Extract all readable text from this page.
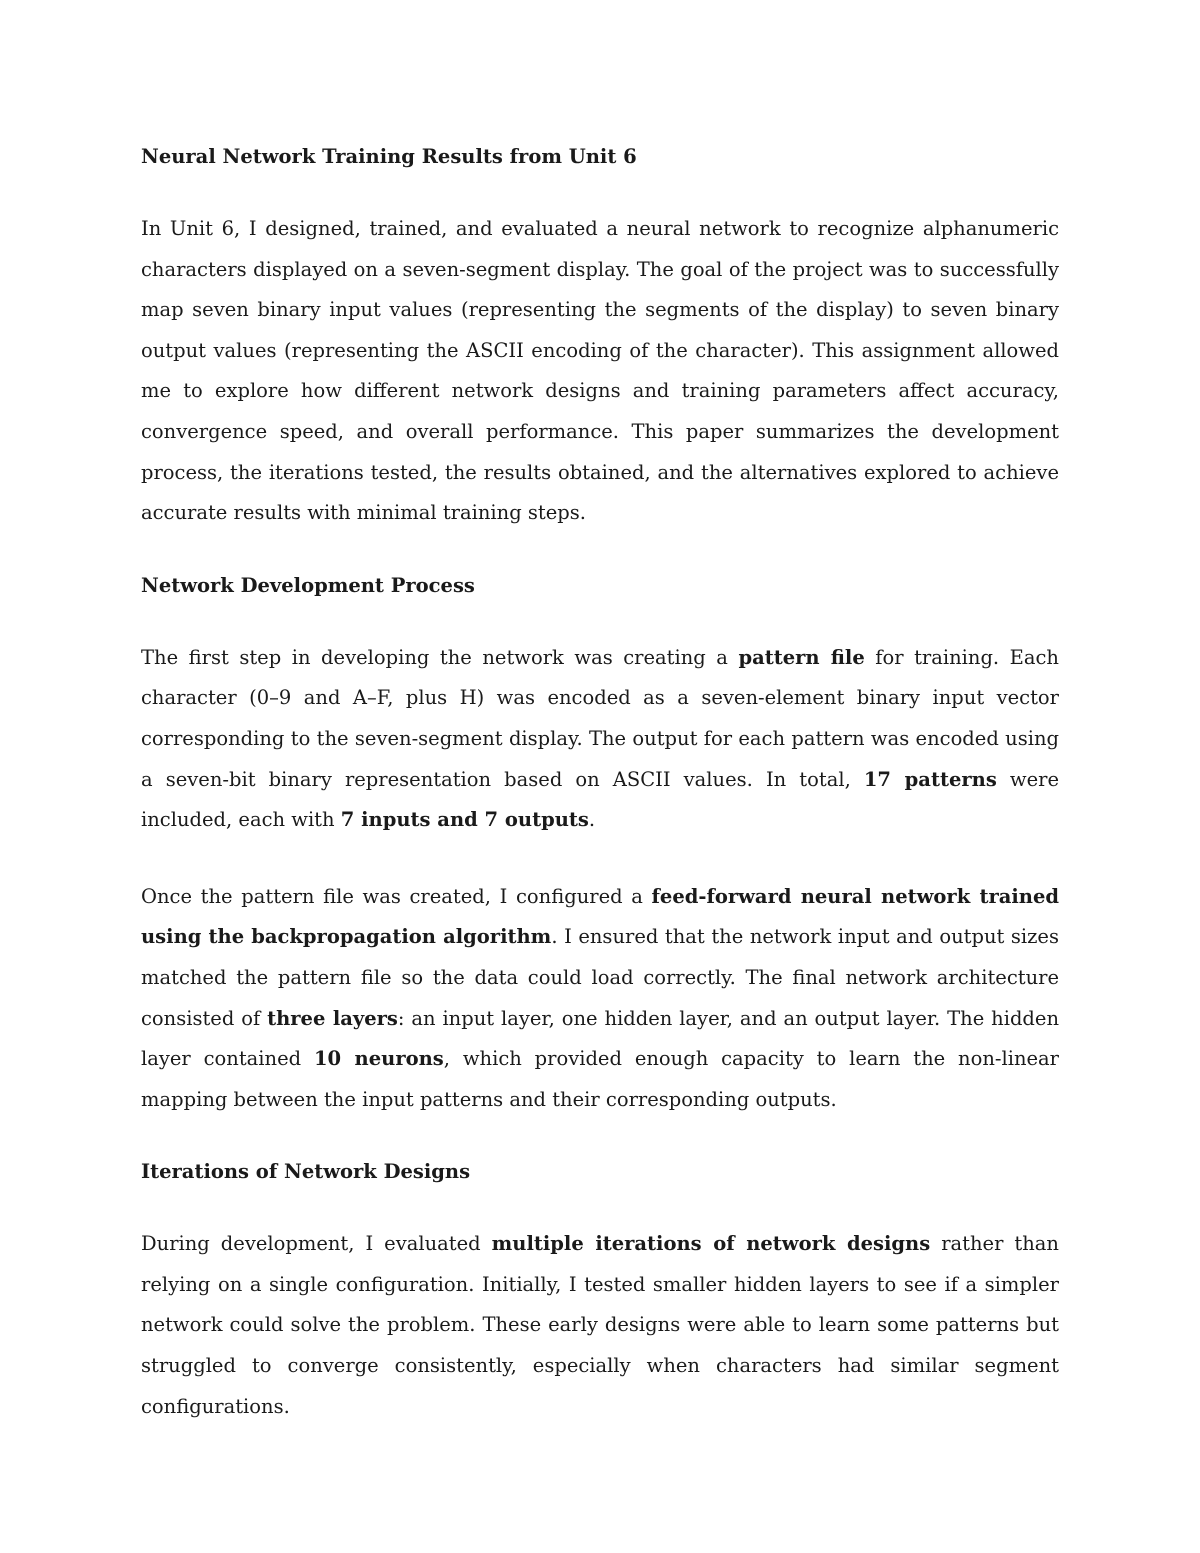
Neural Network Training Results from Unit 6

In Unit 6, I designed, trained, and evaluated a neural network to recognize alphanumeric characters displayed on a seven-segment display. The goal of the project was to successfully map seven binary input values (representing the segments of the display) to seven binary output values (representing the ASCII encoding of the character). This assignment allowed me to explore how different network designs and training parameters affect accuracy, convergence speed, and overall performance. This paper summarizes the development process, the iterations tested, the results obtained, and the alternatives explored to achieve accurate results with minimal training steps.

Network Development Process

The first step in developing the network was creating a pattern file for training. Each character (0–9 and A–F, plus H) was encoded as a seven-element binary input vector corresponding to the seven-segment display. The output for each pattern was encoded using a seven-bit binary representation based on ASCII values. In total, 17 patterns were included, each with 7 inputs and 7 outputs.

Once the pattern file was created, I configured a feed-forward neural network trained using the backpropagation algorithm. I ensured that the network input and output sizes matched the pattern file so the data could load correctly. The final network architecture consisted of three layers: an input layer, one hidden layer, and an output layer. The hidden layer contained 10 neurons, which provided enough capacity to learn the non-linear mapping between the input patterns and their corresponding outputs.

Iterations of Network Designs

During development, I evaluated multiple iterations of network designs rather than relying on a single configuration. Initially, I tested smaller hidden layers to see if a simpler network could solve the problem. These early designs were able to learn some patterns but struggled to converge consistently, especially when characters had similar segment configurations.
